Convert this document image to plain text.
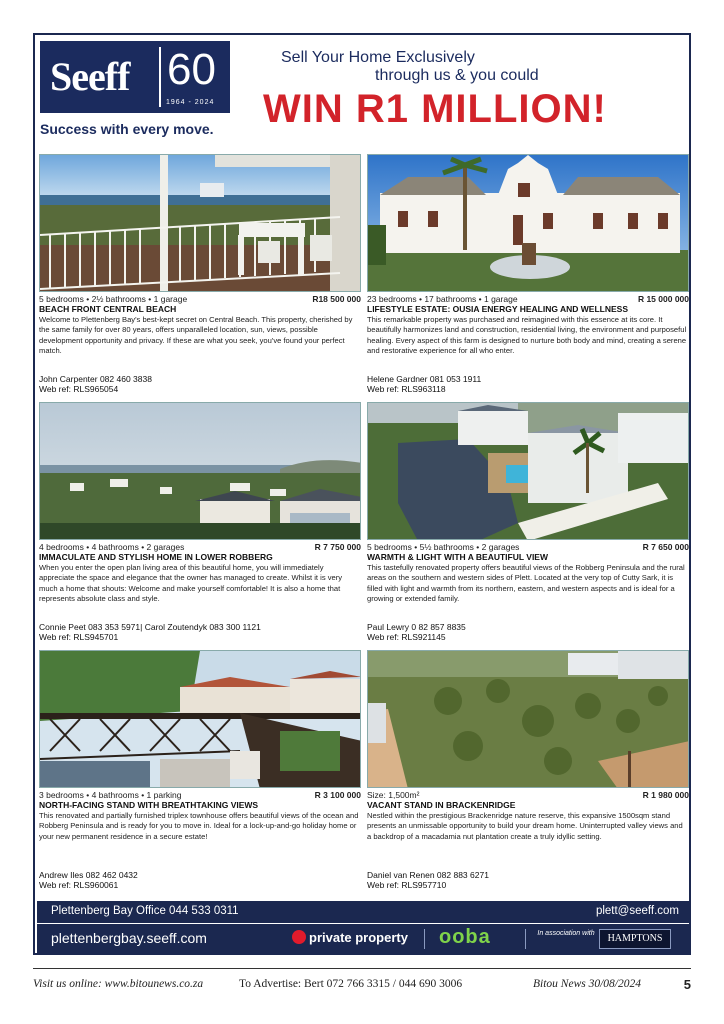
Seeff 60
1964 - 2024
Success with every move.
Sell Your Home Exclusively
through us & you could
WIN R1 MILLION!
5 bedrooms • 2½ bathrooms • 1 garage	R18 500 000
BEACH FRONT CENTRAL BEACH
Welcome to Plettenberg Bay's best-kept secret on Central Beach. This property, cherished by the same family for over 80 years, offers unparalleled location, sun, views, possible development opportunity and privacy. If these are what you seek, you've found your perfect match.
John Carpenter 082 460 3838
Web ref: RLS965054
23 bedrooms • 17 bathrooms • 1 garage	R 15 000 000
LIFESTYLE ESTATE: OUSIA ENERGY HEALING AND WELLNESS
This remarkable property was purchased and reimagined with this essence at its core. It beautifully harmonizes land and construction, residential living, the environment and purposeful healing. Every aspect of this farm is designed to nurture both body and mind, creating a serene and restorative experience for all who enter.
Helene Gardner 081 053 1911
Web ref: RLS963118
4 bedrooms • 4 bathrooms • 2 garages	R 7 750 000
IMMACULATE AND STYLISH HOME IN LOWER ROBBERG
When you enter the open plan living area of this beautiful home, you will immediately appreciate the space and elegance that the owner has managed to create. Whilst it is very much a home that shouts: Welcome and make yourself comfortable! It is also a home that represents absolute class and style.
Connie Peet 083 353 5971| Carol Zoutendyk 083 300 1121
Web ref: RLS945701
5 bedrooms • 5½ bathrooms • 2 garages	R 7 650 000
WARMTH & LIGHT WITH A BEAUTIFUL VIEW
This tastefully renovated property offers beautiful views of the Robberg Peninsula and the rural areas on the southern and western sides of Plett. Located at the very top of Cutty Sark, it is filled with light and warmth from its northern, eastern, and western aspects and is ideal for a growing or extended family.
Paul Lewry 0 82 857 8835
Web ref: RLS921145
3 bedrooms • 4 bathrooms • 1 parking	R 3 100 000
NORTH-FACING STAND WITH BREATHTAKING VIEWS
This renovated and partially furnished triplex townhouse offers beautiful views of the ocean and Robberg Peninsula and is ready for you to move in. Ideal for a lock-up-and-go holiday home or your new permanent residence in a secure estate!
Andrew Iles 082 462 0432
Web ref: RLS960061
Size: 1,500m²	R 1 980 000
VACANT STAND IN BRACKENRIDGE
Nestled within the prestigious Brackenridge nature reserve, this expansive 1500sqm stand presents an unmissable opportunity to build your dream home. Uninterrupted valley views and a backdrop of a macadamia nut plantation create a truly idyllic setting.
Daniel van Renen 082 883 6271
Web ref: RLS957710
Plettenberg Bay Office 044 533 0311	plett@seeff.com
plettenbergbay.seeff.com	private property ooba	In association with	HAMPTONS
Visit us online: www.bitounews.co.za	To Advertise: Bert 072 766 3315 / 044 690 3006	Bitou News 30/08/2024	5
